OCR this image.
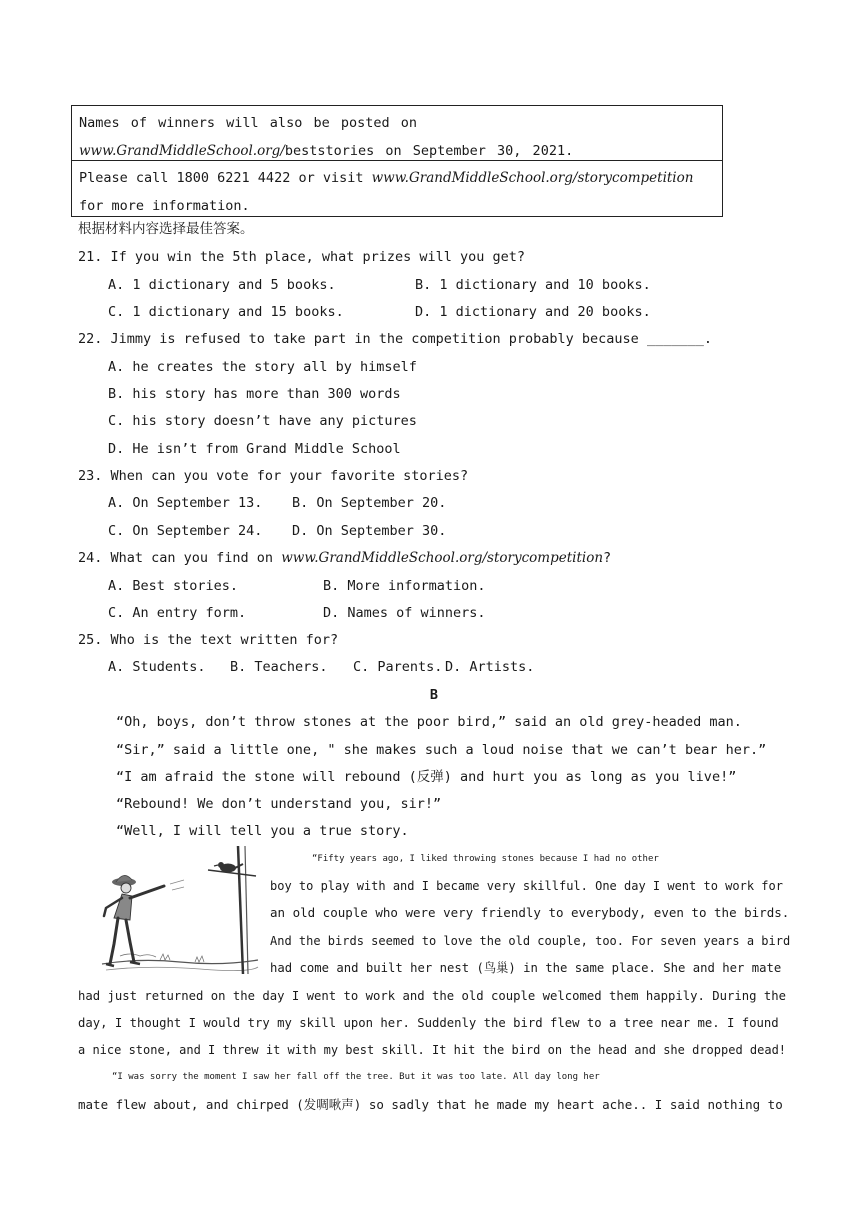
Names of winners will also be posted on www.GrandMiddleSchool.org/beststories on September 30, 2021.
Please call 1800 6221 4422 or visit www.GrandMiddleSchool.org/storycompetition for more information.
根据材料内容选择最佳答案。
21. If you win the 5th place, what prizes will you get?
A. 1 dictionary and 5 books.	B. 1 dictionary and 10 books.
C. 1 dictionary and 15 books.	D. 1 dictionary and 20 books.
22. Jimmy is refused to take part in the competition probably because _______.
A. he creates the story all by himself
B. his story has more than 300 words
C. his story doesn’t have any pictures
D. He isn’t from Grand Middle School
23. When can you vote for your favorite stories?
A. On September 13. B. On September 20.
C. On September 24. D. On September 30.
24. What can you find on www.GrandMiddleSchool.org/storycompetition?
A. Best stories.	B. More information.
C. An entry form.	D. Names of winners.
25. Who is the text written for?
A. Students. B. Teachers. C. Parents. D. Artists.
B
“Oh, boys, don’t throw stones at the poor bird,” said an old grey-headed man.
“Sir,” said a little one, " she makes such a loud noise that we can’t bear her.”
“I am afraid the stone will rebound (反弹) and hurt you as long as you live!”
“Rebound! We don’t understand you, sir!”
“Well, I will tell you a true story.
“Fifty years ago, I liked throwing stones because I had no other
boy to play with and I became very skillful. One day I went to work for
an old couple who were very friendly to everybody, even to the birds.
And the birds seemed to love the old couple, too. For seven years a bird
had come and built her nest (鸟巢) in the same place. She and her mate
had just returned on the day I went to work and the old couple welcomed them happily. During the
day, I thought I would try my skill upon her. Suddenly the bird flew to a tree near me. I found
a nice stone, and I threw it with my best skill. It hit the bird on the head and she dropped dead!
“I was sorry the moment I saw her fall off the tree. But it was too late. All day long her
mate flew about, and chirped (发啁啾声) so sadly that he made my heart ache.. I said nothing to
